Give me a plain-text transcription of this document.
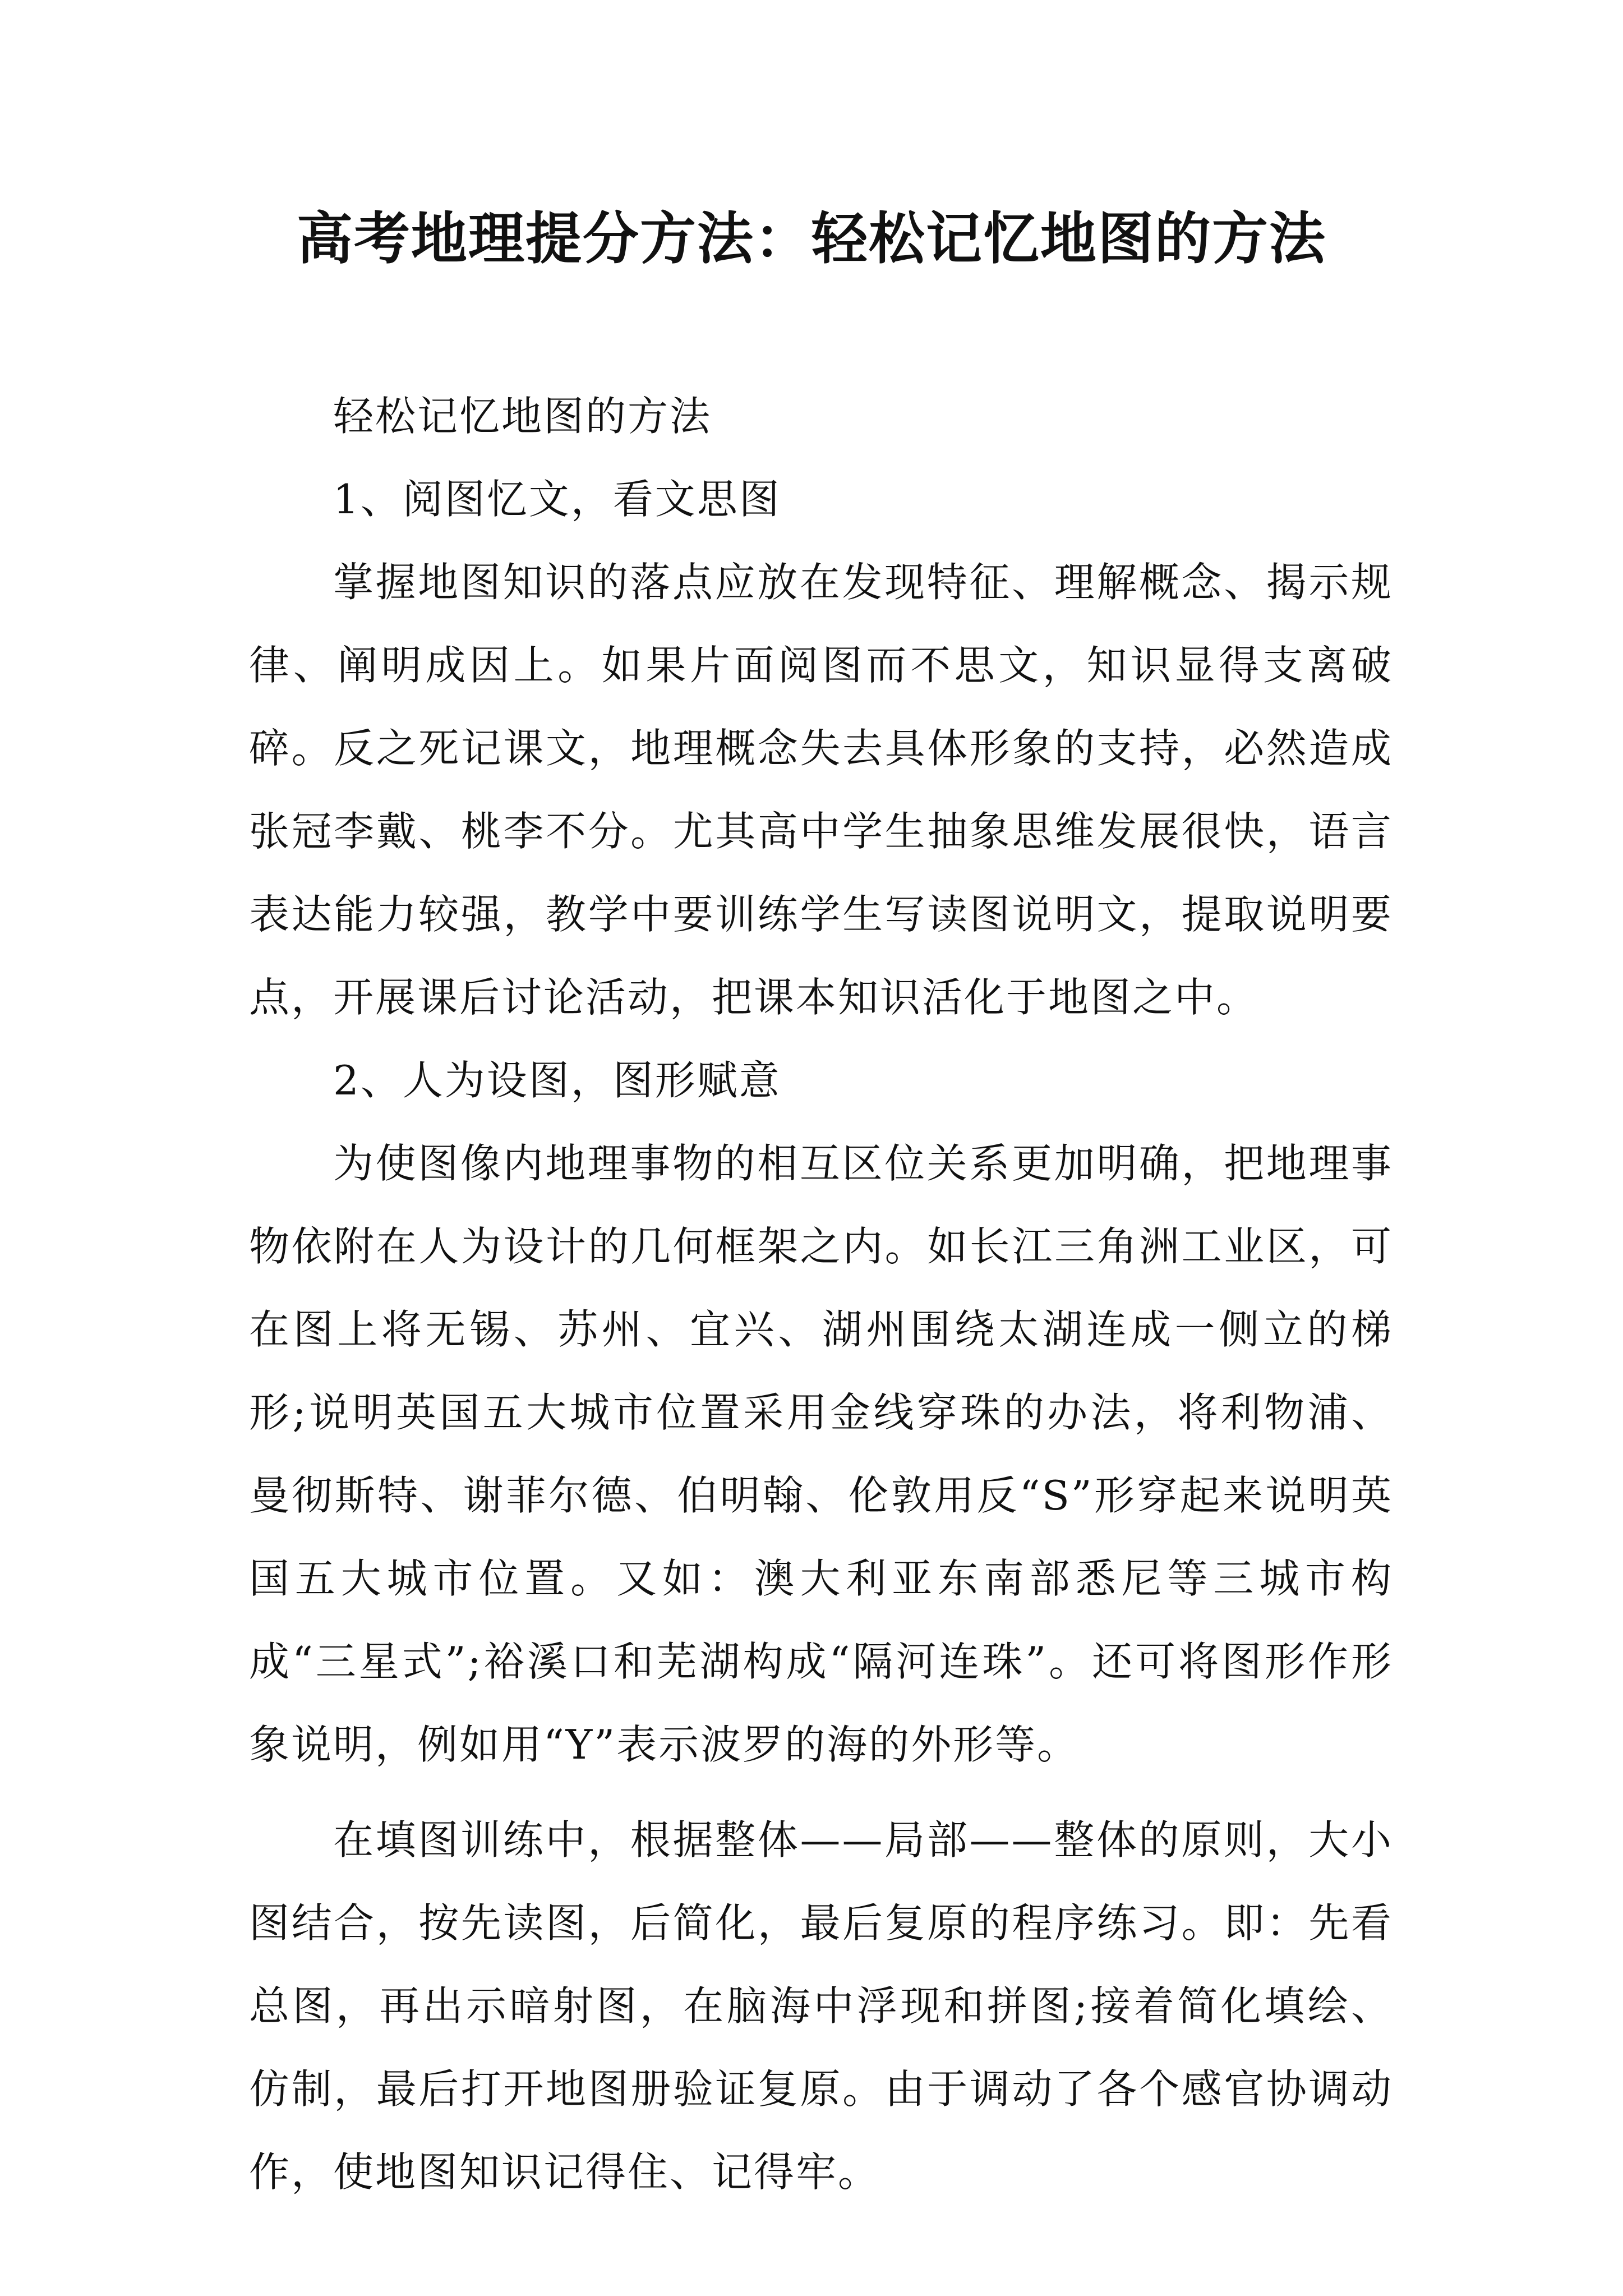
高考地理提分方法：轻松记忆地图的方法

轻松记忆地图的方法

1、阅图忆文，看文思图

掌握地图知识的落点应放在发现特征、理解概念、揭示规律、阐明成因上。如果片面阅图而不思文，知识显得支离破碎。反之死记课文，地理概念失去具体形象的支持，必然造成张冠李戴、桃李不分。尤其高中学生抽象思维发展很快，语言表达能力较强，教学中要训练学生写读图说明文，提取说明要点，开展课后讨论活动，把课本知识活化于地图之中。

2、人为设图，图形赋意

为使图像内地理事物的相互区位关系更加明确，把地理事物依附在人为设计的几何框架之内。如长江三角洲工业区，可在图上将无锡、苏州、宜兴、湖州围绕太湖连成一侧立的梯形;说明英国五大城市位置采用金线穿珠的办法，将利物浦、曼彻斯特、谢菲尔德、伯明翰、伦敦用反“S”形穿起来说明英国五大城市位置。又如：澳大利亚东南部悉尼等三城市构成“三星式”;裕溪口和芜湖构成“隔河连珠”。还可将图形作形象说明，例如用“Y”表示波罗的海的外形等。

在填图训练中，根据整体——局部——整体的原则，大小图结合，按先读图，后简化，最后复原的程序练习。即：先看总图，再出示暗射图，在脑海中浮现和拼图;接着简化填绘、仿制，最后打开地图册验证复原。由于调动了各个感官协调动作，使地图知识记得住、记得牢。
